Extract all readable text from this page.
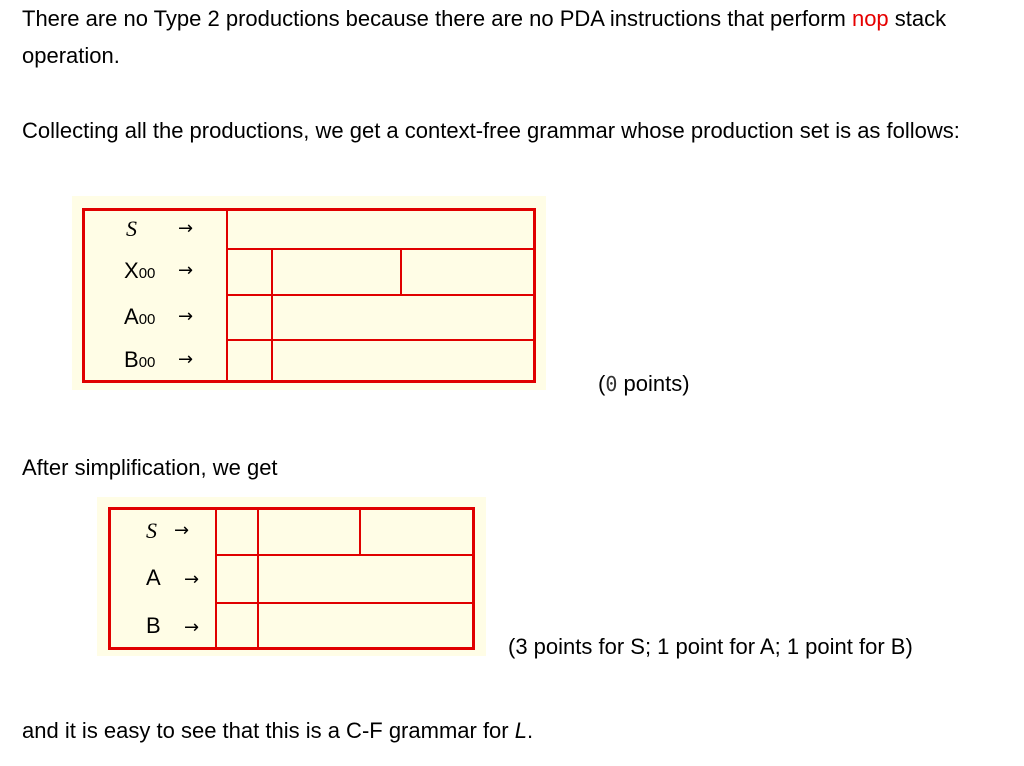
There are no Type 2 productions because there are no PDA instructions that perform nop stack operation.

Collecting all the productions, we get a context-free grammar whose production set is as follows:

S
X00
A00
B00
→
→
→
→
(0 points)

After simplification, we get

S
A
B
→
→
→
(3 points for S; 1 point for A; 1 point for B)

and it is easy to see that this is a C-F grammar for L.
